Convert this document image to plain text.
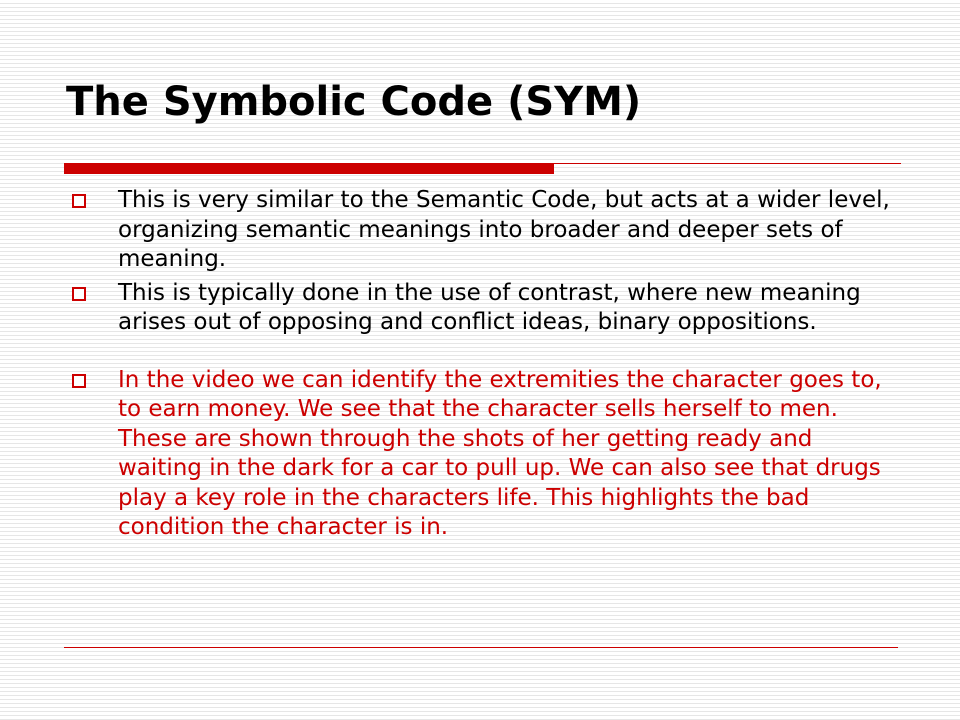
The Symbolic Code (SYM)
This is very similar to the Semantic Code, but acts at a wider level, organizing semantic meanings into broader and deeper sets of meaning.
This is typically done in the use of contrast, where new meaning arises out of opposing and conflict ideas, binary oppositions.
In the video we can identify the extremities the character goes to, to earn money. We see that the character sells herself to men. These are shown through the shots of her getting ready and waiting in the dark for a car to pull up. We can also see that drugs play a key role in the characters life. This highlights the bad condition the character is in.
